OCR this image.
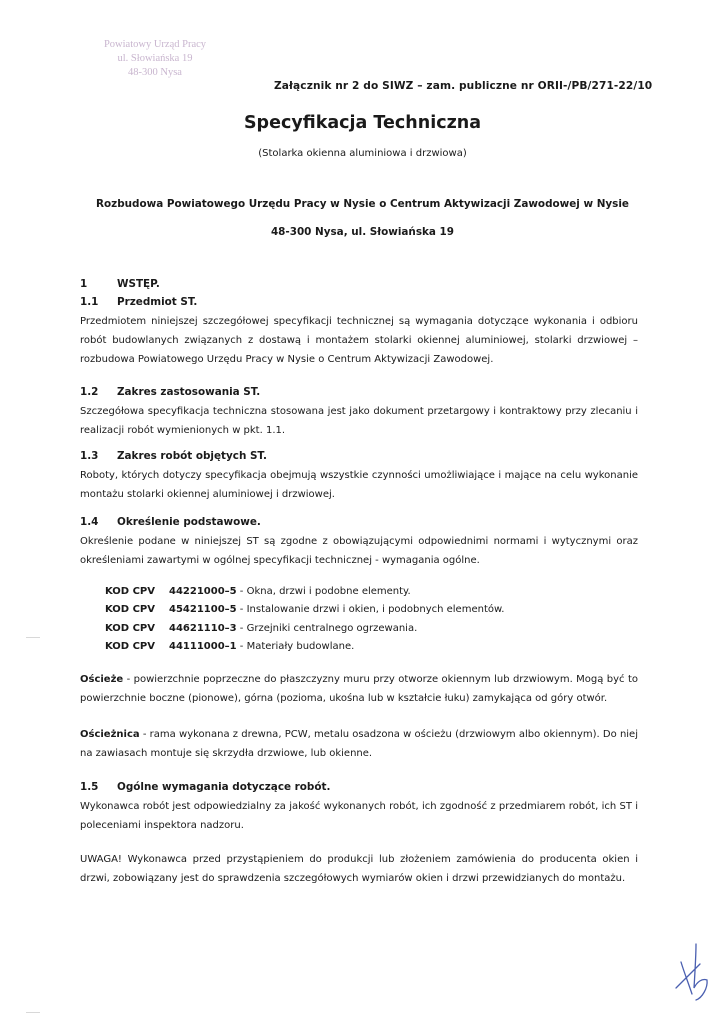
Powiatowy Urząd Pracy
ul. Słowiańska 19
48-300 Nysa
Załącznik nr 2 do SIWZ – zam. publiczne nr ORII-/PB/271-22/10
Specyfikacja Techniczna
(Stolarka okienna aluminiowa i drzwiowa)
Rozbudowa Powiatowego Urzędu Pracy w Nysie o Centrum Aktywizacji Zawodowej w Nysie
48-300 Nysa, ul. Słowiańska 19
1	WSTĘP.
1.1 Przedmiot ST.
Przedmiotem niniejszej szczegółowej specyfikacji technicznej są wymagania dotyczące wykonania i odbioru robót budowlanych związanych z dostawą i montażem stolarki okiennej aluminiowej, stolarki drzwiowej – rozbudowa Powiatowego Urzędu Pracy w Nysie o Centrum Aktywizacji Zawodowej.
1.2 Zakres zastosowania ST.
Szczegółowa specyfikacja techniczna stosowana jest jako dokument przetargowy i kontraktowy przy zlecaniu i realizacji robót wymienionych w pkt. 1.1.
1.3 Zakres robót objętych ST.
Roboty, których dotyczy specyfikacja obejmują wszystkie czynności umożliwiające i mające na celu wykonanie montażu stolarki okiennej aluminiowej i drzwiowej.
1.4 Określenie podstawowe.
Określenie podane w niniejszej ST są zgodne z obowiązującymi odpowiednimi normami i wytycznymi oraz określeniami zawartymi w ogólnej specyfikacji technicznej - wymagania ogólne.
KOD CPV 44221000–5 - Okna, drzwi i podobne elementy.
KOD CPV 45421100–5 - Instalowanie drzwi i okien, i podobnych elementów.
KOD CPV 44621110–3 - Grzejniki centralnego ogrzewania.
KOD CPV 44111000–1 - Materiały budowlane.
Ościeże - powierzchnie poprzeczne do płaszczyzny muru przy otworze okiennym lub drzwiowym. Mogą być to powierzchnie boczne (pionowe), górna (pozioma, ukośna lub w kształcie łuku) zamykająca od góry otwór.
Ościeżnica - rama wykonana z drewna, PCW, metalu osadzona w ościeżu (drzwiowym albo okiennym). Do niej na zawiasach montuje się skrzydła drzwiowe, lub okienne.
1.5 Ogólne wymagania dotyczące robót.
Wykonawca robót jest odpowiedzialny za jakość wykonanych robót, ich zgodność z przedmiarem robót, ich ST i poleceniami inspektora nadzoru.
UWAGA! Wykonawca przed przystąpieniem do produkcji lub złożeniem zamówienia do producenta okien i drzwi, zobowiązany jest do sprawdzenia szczegółowych wymiarów okien i drzwi przewidzianych do montażu.
